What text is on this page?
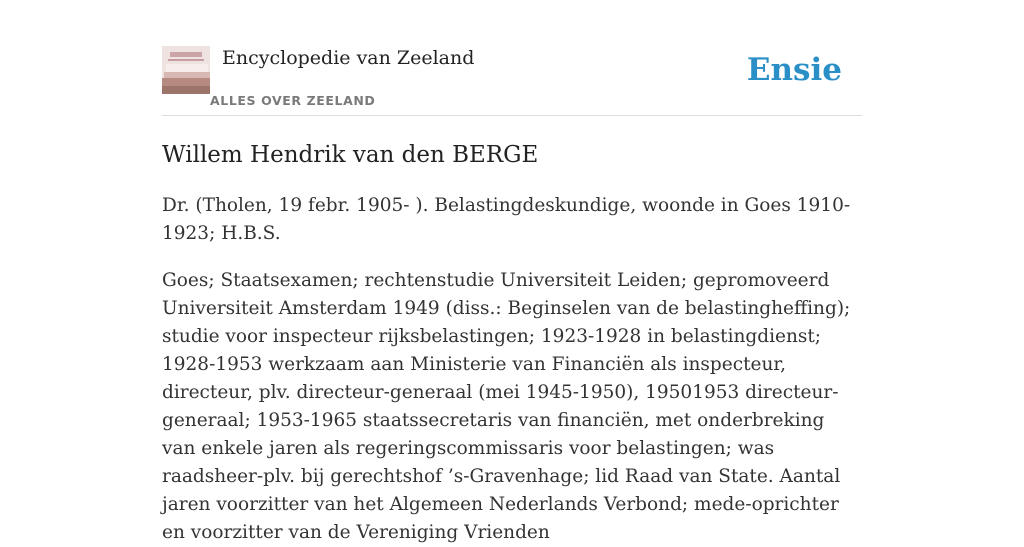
Encyclopedie van Zeeland
ALLES OVER ZEELAND
Ensie
Willem Hendrik van den BERGE

Dr. (Tholen, 19 febr. 1905- ). Belastingdeskundige, woonde in Goes 1910-1923; H.B.S.

Goes; Staatsexamen; rechtenstudie Universiteit Leiden; gepromoveerd Universiteit Amsterdam 1949 (diss.: Beginselen van de belastingheffing); studie voor inspecteur rijksbelastingen; 1923-1928 in belastingdienst; 1928-1953 werkzaam aan Ministerie van Financiën als inspecteur, directeur, plv. directeur-generaal (mei 1945-1950), 19501953 directeur-generaal; 1953-1965 staatssecretaris van financiën, met onderbreking van enkele jaren als regeringscommissaris voor belastingen; was raadsheer-plv. bij gerechtshof ’s-Gravenhage; lid Raad van State. Aantal jaren voorzitter van het Algemeen Nederlands Verbond; mede-oprichter en voorzitter van de Vereniging Vrienden
